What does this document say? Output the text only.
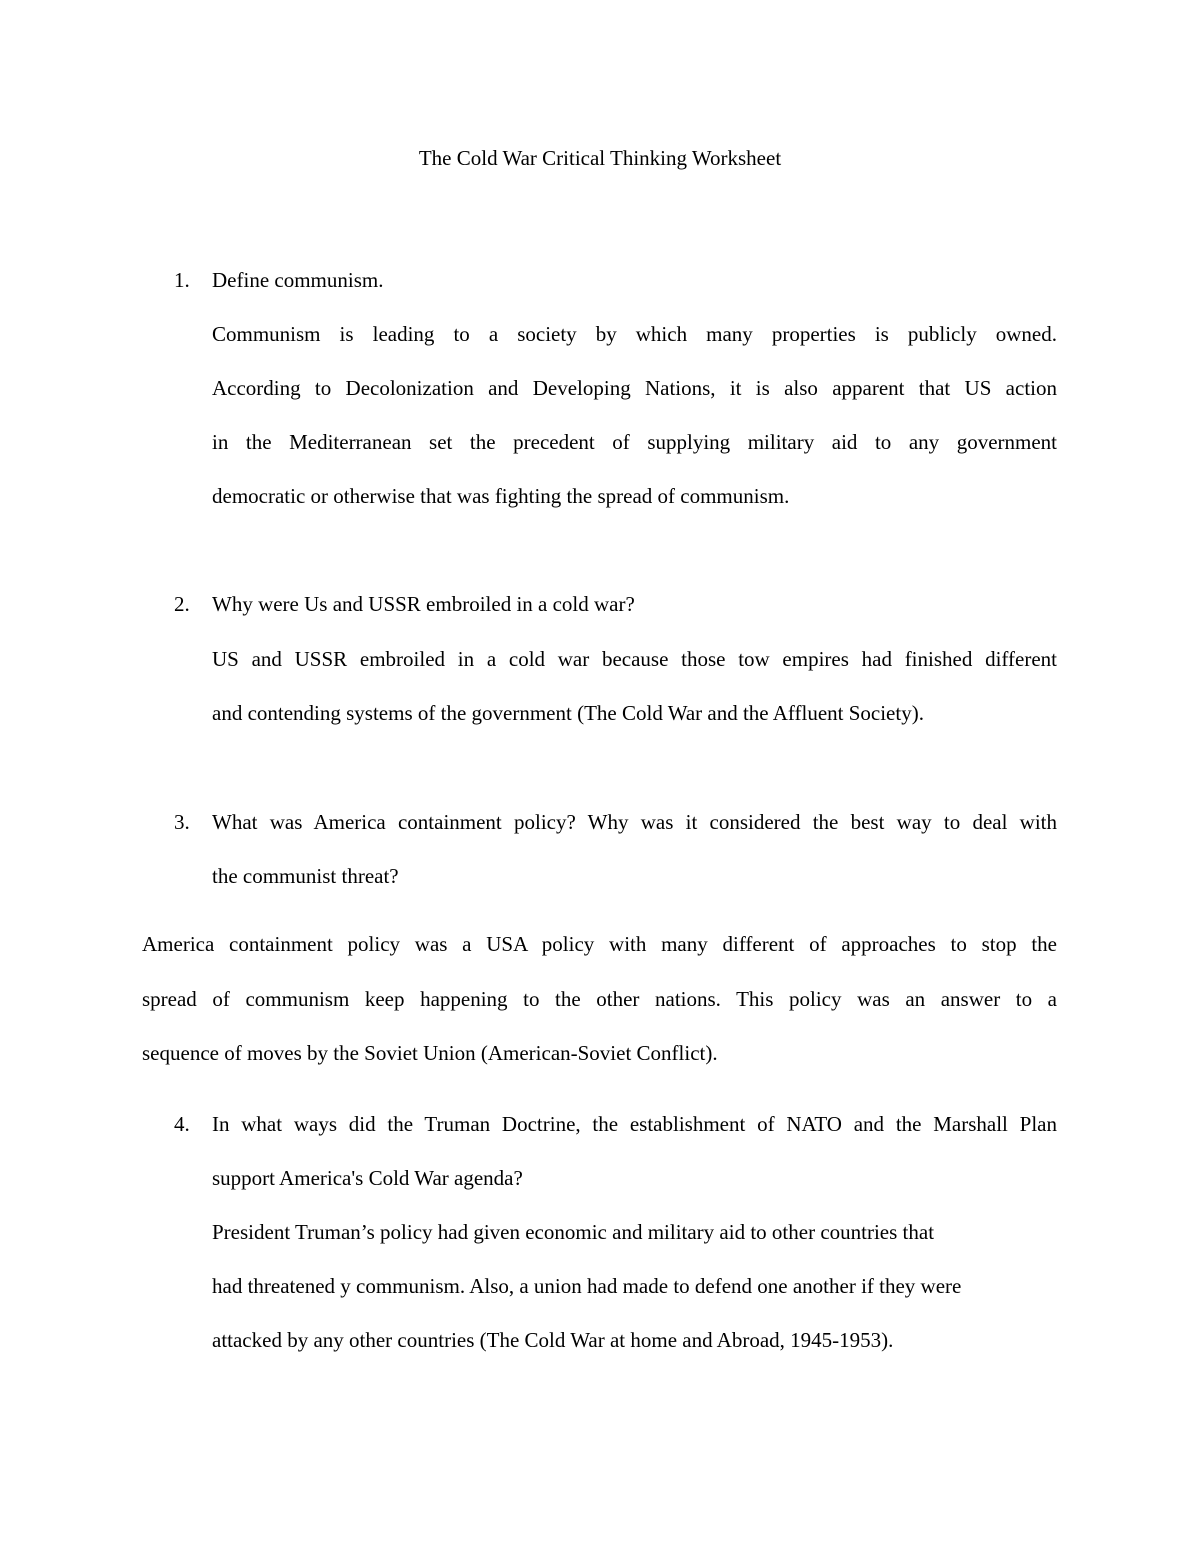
The Cold War Critical Thinking Worksheet
1. Define communism.
Communism is leading to a society by which many properties is publicly owned.
According to Decolonization and Developing Nations, it is also apparent that US action
in the Mediterranean set the precedent of supplying military aid to any government
democratic or otherwise that was fighting the spread of communism.
2. Why were Us and USSR embroiled in a cold war?
US and USSR embroiled in a cold war because those tow empires had finished different
and contending systems of the government (The Cold War and the Affluent Society).
3. What was America containment policy? Why was it considered the best way to deal with
the communist threat?
America containment policy was a USA policy with many different of approaches to stop the
spread of communism keep happening to the other nations. This policy was an answer to a
sequence of moves by the Soviet Union (American-Soviet Conflict).
4. In what ways did the Truman Doctrine, the establishment of NATO and the Marshall Plan
support America's Cold War agenda?
President Truman’s policy had given economic and military aid to other countries that
had threatened y communism. Also, a union had made to defend one another if they were
attacked by any other countries (The Cold War at home and Abroad, 1945-1953).
